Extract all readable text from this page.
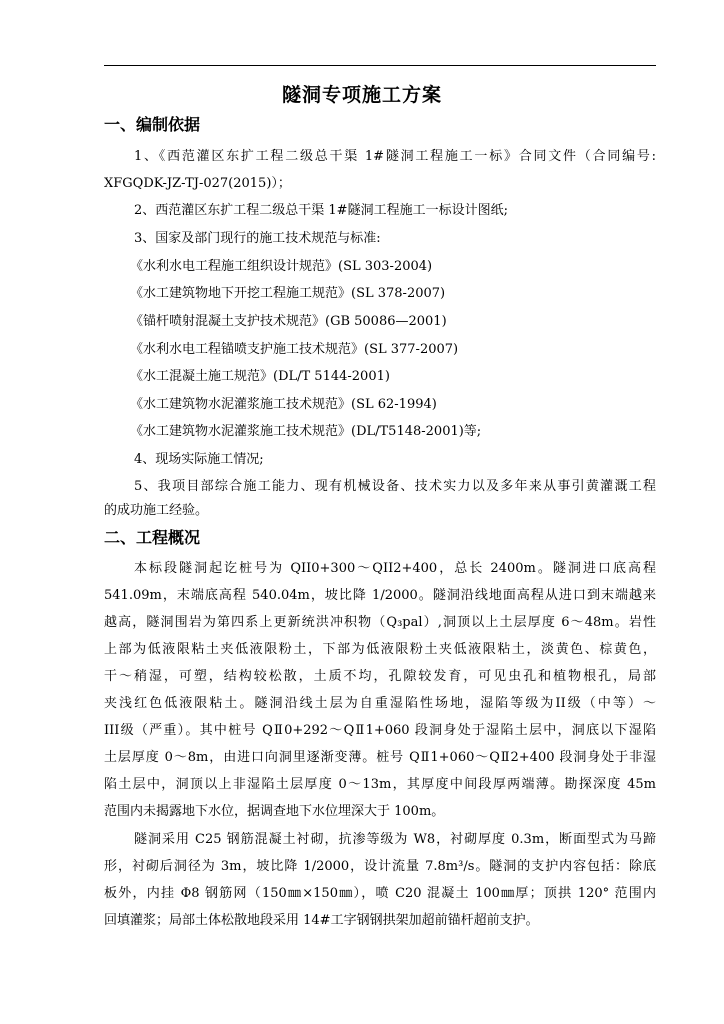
隧洞专项施工方案
一、编制依据
1、《西范灌区东扩工程二级总干渠 1#隧洞工程施工一标》合同文件（合同编号:
XFGQDK-JZ-TJ-027(2015)）；
2、西范灌区东扩工程二级总干渠 1#隧洞工程施工一标设计图纸;
3、国家及部门现行的施工技术规范与标准:
《水利水电工程施工组织设计规范》(SL 303-2004)
《水工建筑物地下开挖工程施工规范》(SL 378-2007)
《锚杆喷射混凝土支护技术规范》(GB 50086—2001)
《水利水电工程锚喷支护施工技术规范》(SL 377-2007)
《水工混凝土施工规范》(DL/T 5144-2001)
《水工建筑物水泥灌浆施工技术规范》(SL 62-1994)
《水工建筑物水泥灌浆施工技术规范》(DL/T5148-2001)等;
4、现场实际施工情况;
5、我项目部综合施工能力、现有机械设备、技术实力以及多年来从事引黄灌溉工程
的成功施工经验。
二、工程概况
本标段隧洞起讫桩号为 QII0+300～QII2+400，总长 2400m。隧洞进口底高程
541.09m，末端底高程 540.04m，坡比降 1/2000。隧洞沿线地面高程从进口到末端越来
越高，隧洞围岩为第四系上更新统洪冲积物（Q₃pal）,洞顶以上土层厚度 6～48m。岩性
上部为低液限粘土夹低液限粉土，下部为低液限粉土夹低液限粘土，淡黄色、棕黄色，
干～稍湿，可塑，结构较松散，土质不均，孔隙较发育，可见虫孔和植物根孔，局部
夹浅红色低液限粘土。隧洞沿线土层为自重湿陷性场地，湿陷等级为II级（中等）～
III级（严重）。其中桩号 QⅡ0+292～QⅡ1+060 段洞身处于湿陷土层中，洞底以下湿陷
土层厚度 0～8m，由进口向洞里逐渐变薄。桩号 QⅡ1+060～QⅡ2+400 段洞身处于非湿
陷土层中，洞顶以上非湿陷土层厚度 0～13m，其厚度中间段厚两端薄。勘探深度 45m
范围内未揭露地下水位，据调查地下水位埋深大于 100m。
隧洞采用 C25 钢筋混凝土衬砌，抗渗等级为 W8，衬砌厚度 0.3m，断面型式为马蹄
形，衬砌后洞径为 3m，坡比降 1/2000，设计流量 7.8m³/s。隧洞的支护内容包括：除底
板外，内挂 Φ8 钢筋网（150㎜×150㎜），喷 C20 混凝土 100㎜厚；顶拱 120° 范围内
回填灌浆；局部土体松散地段采用 14#工字钢钢拱架加超前锚杆超前支护。
